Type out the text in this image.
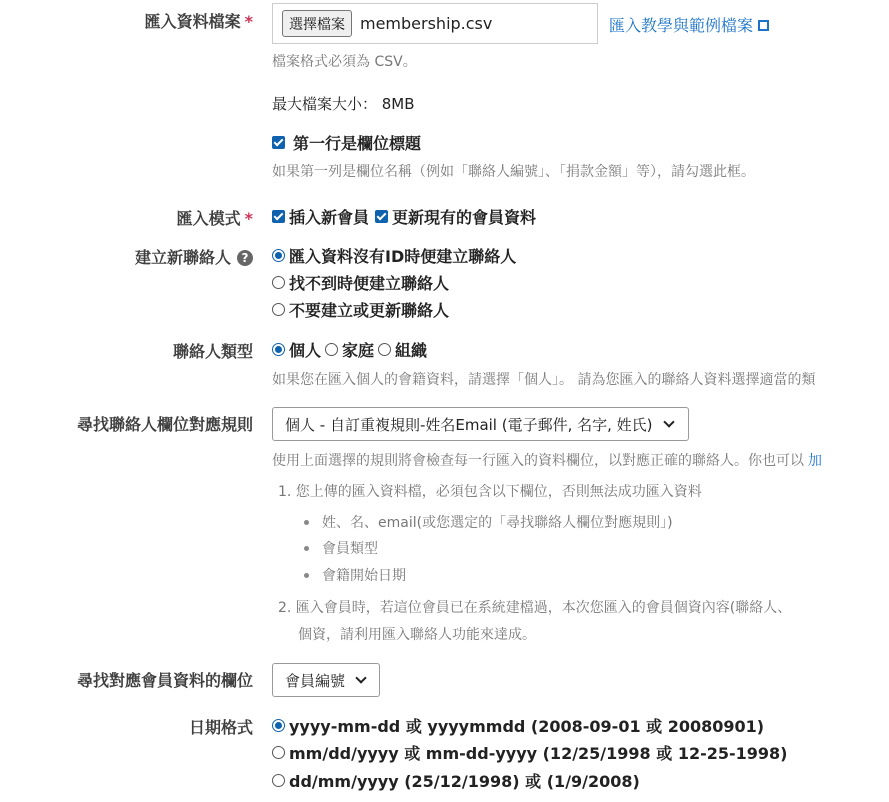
匯入資料檔案 *	選擇檔案 membership.csv	匯入教學與範例檔案
檔案格式必須為 CSV。
最大檔案大小： 8MB
第一行是欄位標題
如果第一列是欄位名稱（例如「聯絡人編號」、「捐款金額」等），請勾選此框。
匯入模式 * 插入新會員 更新現有的會員資料
建立新聯絡人 ?	匯入資料沒有ID時便建立聯絡人
找不到時便建立聯絡人
不要建立或更新聯絡人
聯絡人類型 個人 家庭 組織
如果您在匯入個人的會籍資料，請選擇「個人」。 請為您匯入的聯絡人資料選擇適當的類
尋找聯絡人欄位對應規則 個人 - 自訂重複規則-姓名Email (電子郵件, 名字, 姓氏)
使用上面選擇的規則將會檢查每一行匯入的資料欄位，以對應正確的聯絡人。你也可以 加
1. 您上傳的匯入資料檔，必須包含以下欄位，否則無法成功匯入資料
姓、名、email(或您選定的「尋找聯絡人欄位對應規則」)
會員類型
會籍開始日期
2. 匯入會員時，若這位會員已在系統建檔過，本次您匯入的會員個資內容(聯絡人、
個資，請利用匯入聯絡人功能來達成。
尋找對應會員資料的欄位 會員編號
日期格式 yyyy-mm-dd 或 yyyymmdd (2008-09-01 或 20080901)
mm/dd/yyyy 或 mm-dd-yyyy (12/25/1998 或 12-25-1998)
dd/mm/yyyy (25/12/1998) 或 (1/9/2008)
